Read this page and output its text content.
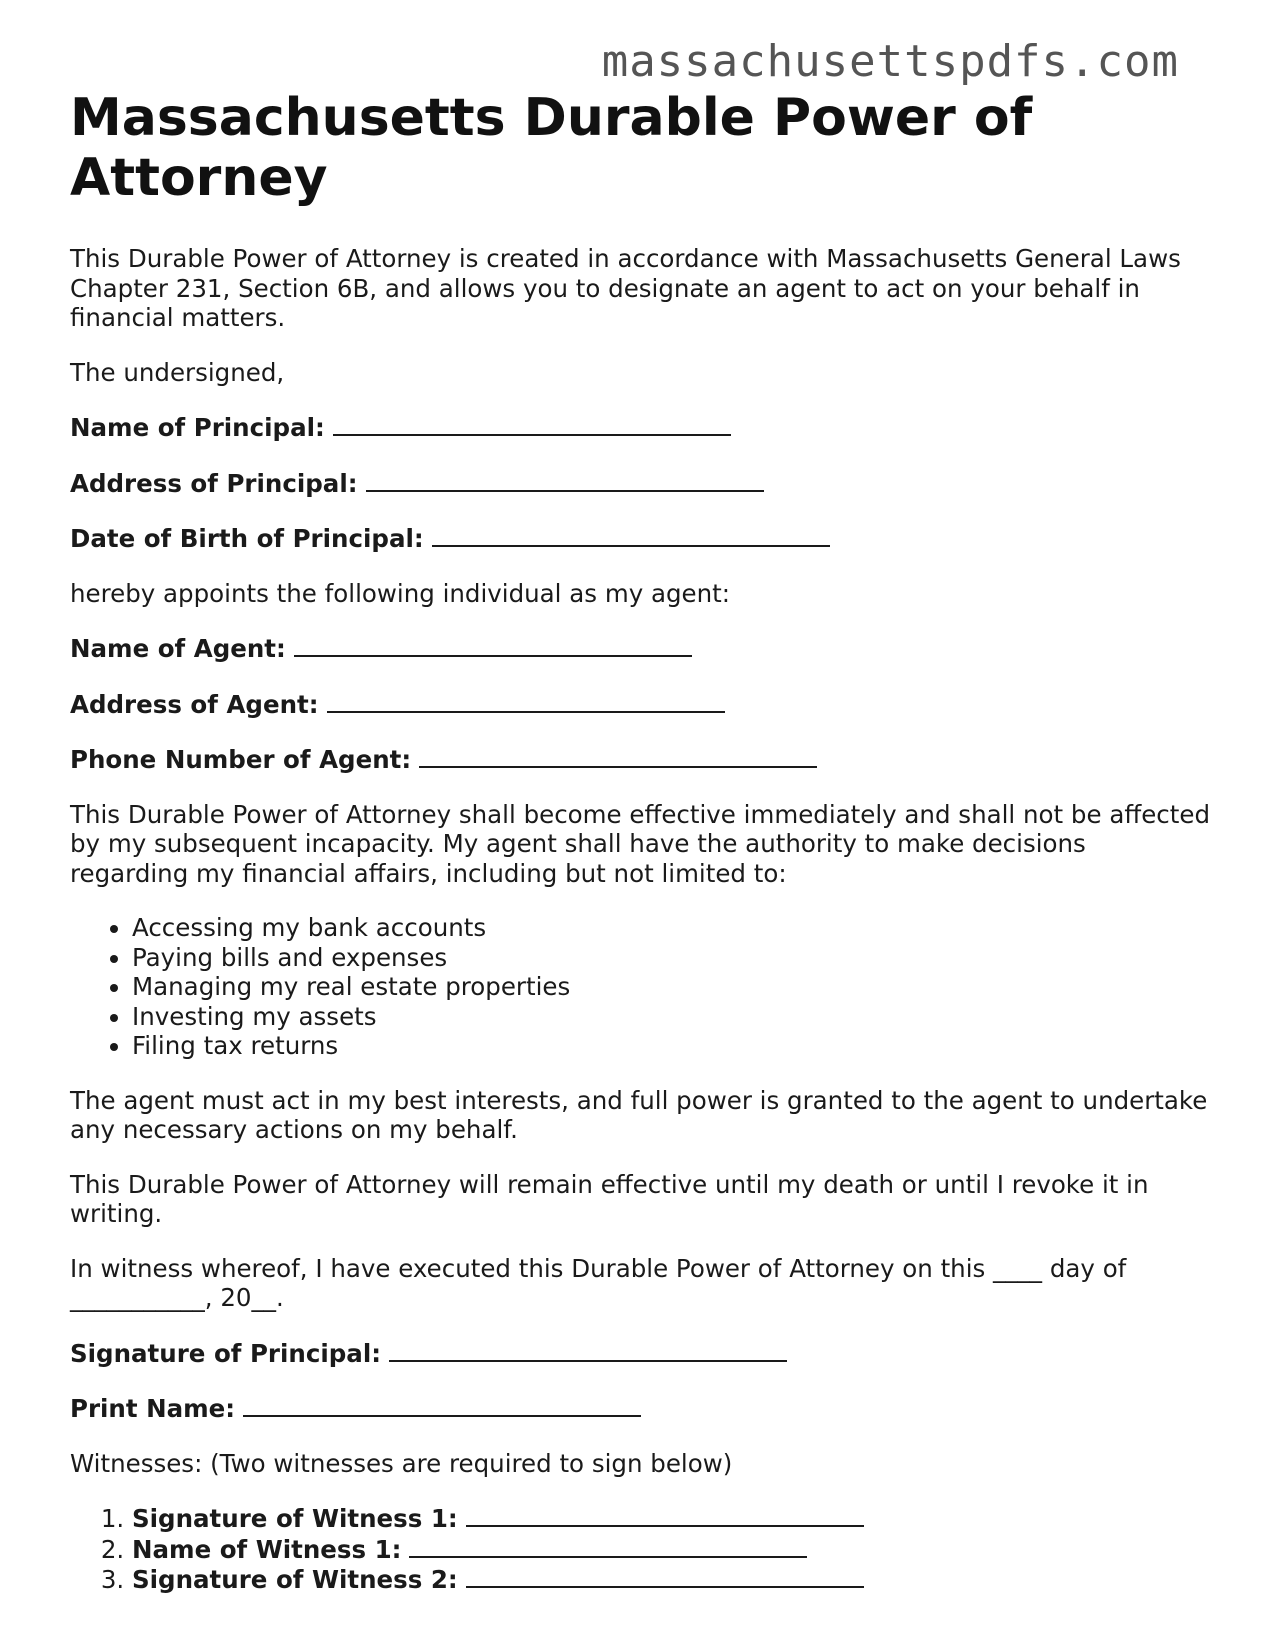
massachusettspdfs.com
Massachusetts Durable Power of Attorney

This Durable Power of Attorney is created in accordance with Massachusetts General Laws Chapter 231, Section 6B, and allows you to designate an agent to act on your behalf in financial matters.

The undersigned,

Name of Principal:
Address of Principal:
Date of Birth of Principal:

hereby appoints the following individual as my agent:

Name of Agent:
Address of Agent:
Phone Number of Agent:

This Durable Power of Attorney shall become effective immediately and shall not be affected by my subsequent incapacity. My agent shall have the authority to make decisions regarding my financial affairs, including but not limited to:

• Accessing my bank accounts
• Paying bills and expenses
• Managing my real estate properties
• Investing my assets
• Filing tax returns

The agent must act in my best interests, and full power is granted to the agent to undertake any necessary actions on my behalf.

This Durable Power of Attorney will remain effective until my death or until I revoke it in writing.

In witness whereof, I have executed this Durable Power of Attorney on this ____ day of ___________, 20__.

Signature of Principal:
Print Name:

Witnesses: (Two witnesses are required to sign below)

1. Signature of Witness 1:
2. Name of Witness 1:
3. Signature of Witness 2:
